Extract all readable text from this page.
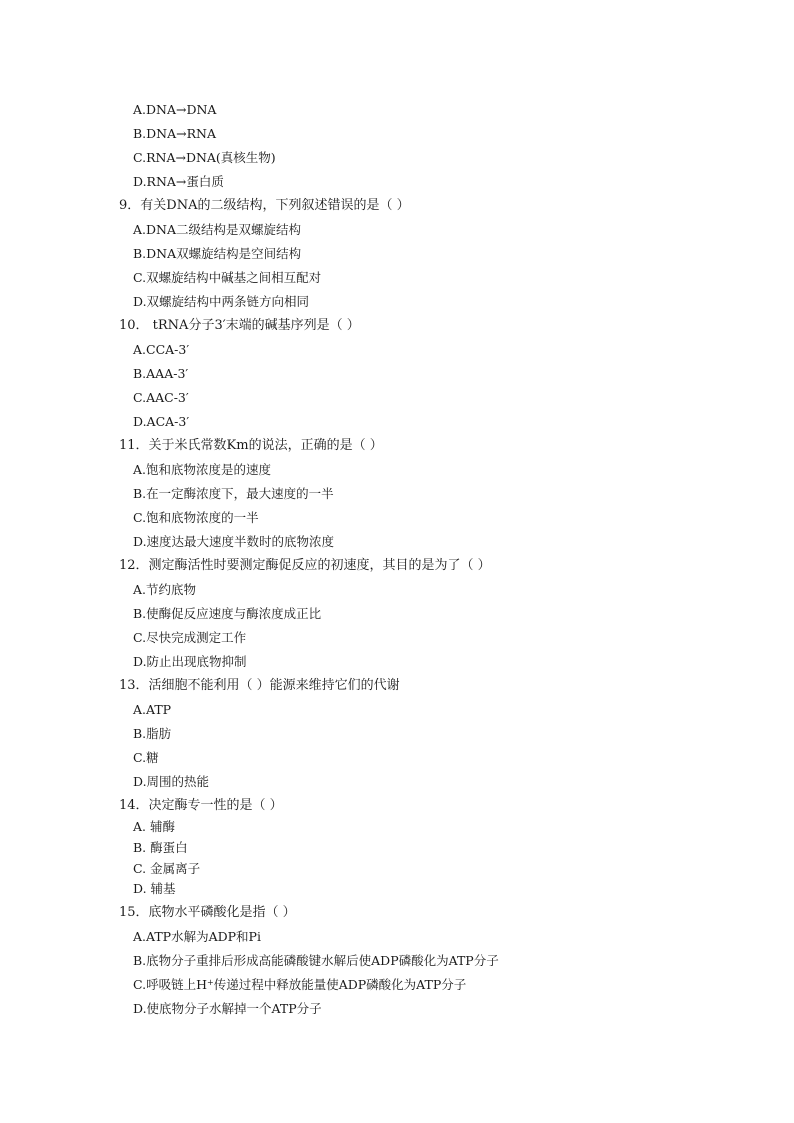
A.DNA→DNA
B.DNA→RNA
C.RNA→DNA(真核生物)
D.RNA→蛋白质
9．有关DNA的二级结构，下列叙述错误的是（ ）
A.DNA二级结构是双螺旋结构
B.DNA双螺旋结构是空间结构
C.双螺旋结构中碱基之间相互配对
D.双螺旋结构中两条链方向相同
10． tRNA分子3′末端的碱基序列是（ ）
A.CCA-3′
B.AAA-3′
C.AAC-3′
D.ACA-3′
11．关于米氏常数Km的说法，正确的是（ ）
A.饱和底物浓度是的速度
B.在一定酶浓度下，最大速度的一半
C.饱和底物浓度的一半
D.速度达最大速度半数时的底物浓度
12．测定酶活性时要测定酶促反应的初速度，其目的是为了（ ）
A.节约底物
B.使酶促反应速度与酶浓度成正比
C.尽快完成测定工作
D.防止出现底物抑制
13．活细胞不能利用（ ）能源来维持它们的代谢
A.ATP
B.脂肪
C.糖
D.周围的热能
14．决定酶专一性的是（ ）
A. 辅酶
B. 酶蛋白
C. 金属离子
D. 辅基
15．底物水平磷酸化是指（ ）
A.ATP水解为ADP和Pi
B.底物分子重排后形成高能磷酸键水解后使ADP磷酸化为ATP分子
C.呼吸链上H+传递过程中释放能量使ADP磷酸化为ATP分子
D.使底物分子水解掉一个ATP分子
